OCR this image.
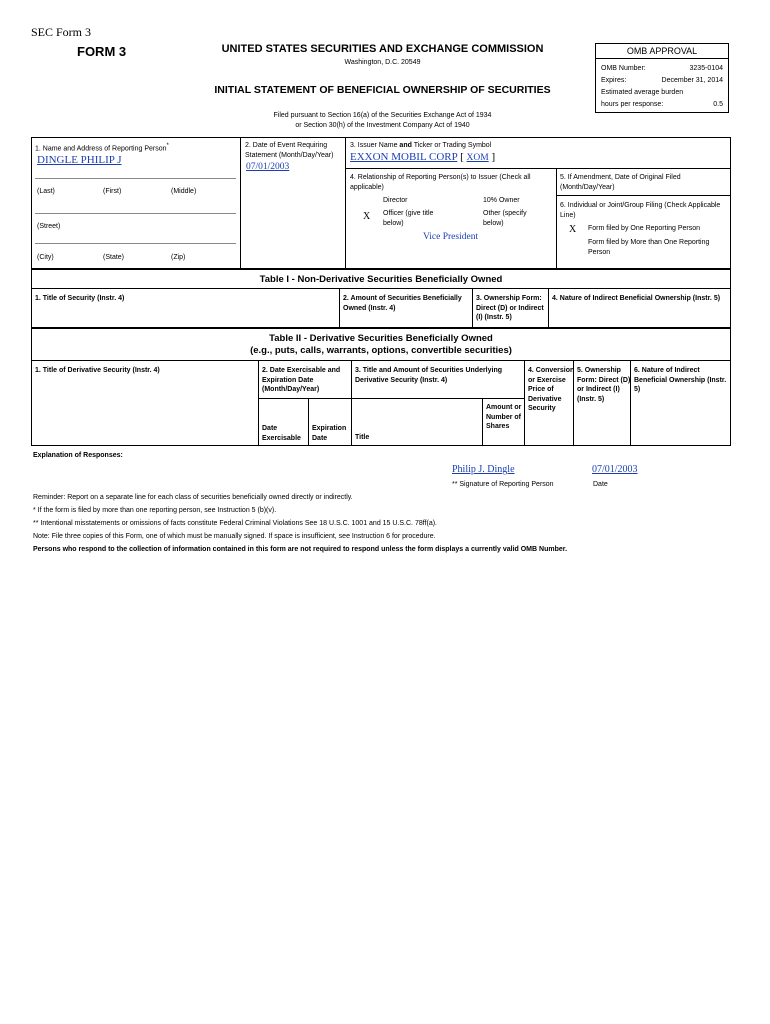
SEC Form 3
FORM 3	UNITED STATES SECURITIES AND EXCHANGE COMMISSION
Washington, D.C. 20549
INITIAL STATEMENT OF BENEFICIAL OWNERSHIP OF SECURITIES
Filed pursuant to Section 16(a) of the Securities Exchange Act of 1934
or Section 30(h) of the Investment Company Act of 1940
OMB APPROVAL
OMB Number:	3235-0104
Expires:	December 31, 2014
Estimated average burden
hours per response:	0.5
1. Name and Address of Reporting Person*
DINGLE PHILIP J
(Last)	(First)	(Middle)
(Street)
(City)	(State)	(Zip)
2. Date of Event Requiring Statement (Month/Day/Year)
07/01/2003
3. Issuer Name and Ticker or Trading Symbol
EXXON MOBIL CORP [ XOM ]
4. Relationship of Reporting Person(s) to Issuer (Check all applicable)
Director	10% Owner
X Officer (give title below)
Other (specify below)
Vice President
5. If Amendment, Date of Original Filed (Month/Day/Year)
6. Individual or Joint/Group Filing (Check Applicable Line)
X Form filed by One Reporting Person
Form filed by More than One Reporting Person
Table I - Non-Derivative Securities Beneficially Owned
1. Title of Security (Instr. 4)	2. Amount of Securities Beneficially Owned (Instr. 4)
3. Ownership Form: Direct (D) or Indirect (I) (Instr. 5)
4. Nature of Indirect Beneficial Ownership (Instr. 5)
Table II - Derivative Securities Beneficially Owned
(e.g., puts, calls, warrants, options, convertible securities)
1. Title of Derivative Security (Instr. 4)	2. Date Exercisable and Expiration Date (Month/Day/Year)
3. Title and Amount of Securities Underlying Derivative Security (Instr. 4)
4. Conversion or Exercise Price of Derivative Security
5. Ownership Form: Direct (D) or Indirect (I) (Instr. 5)
6. Nature of Indirect Beneficial Ownership (Instr. 5)
Date Exercisable
Expiration Date	Title
Amount or Number of Shares
Explanation of Responses:
Philip J. Dingle	07/01/2003
** Signature of Reporting Person	Date
Reminder: Report on a separate line for each class of securities beneficially owned directly or indirectly.
* If the form is filed by more than one reporting person, see Instruction 5 (b)(v).
** Intentional misstatements or omissions of facts constitute Federal Criminal Violations See 18 U.S.C. 1001 and 15 U.S.C. 78ff(a).
Note: File three copies of this Form, one of which must be manually signed. If space is insufficient, see Instruction 6 for procedure.
Persons who respond to the collection of information contained in this form are not required to respond unless the form displays a currently valid OMB Number.
